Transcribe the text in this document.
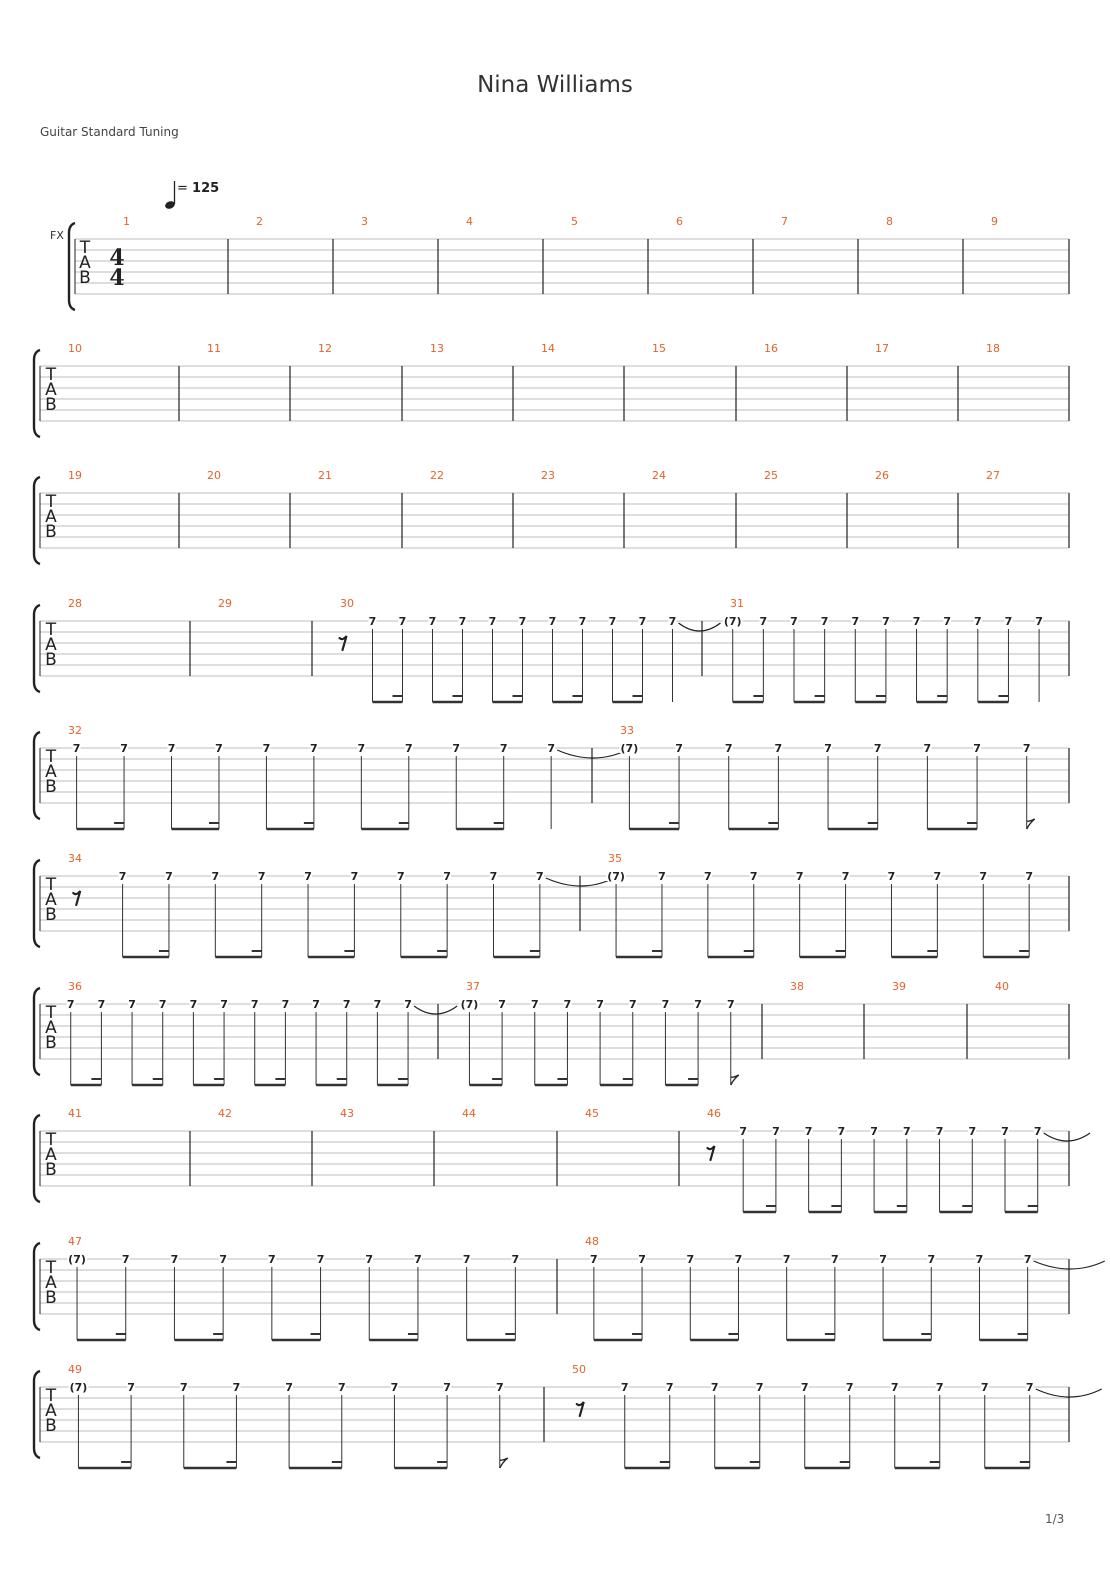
Nina Williams
Guitar Standard Tuning
= 125
FX
T
A
B
4
4
1	2	3	4	5	6	7	8	9
T
A
B
10	11	12	13	14	15	16	17	18
T
A
B
19	20	21	22	23	24	25	26	27
T
A
B
28	29	30
7 7 7 7 7 7 7 7 7 7 7
31
(7) 7 7 7 7 7 7 7 7 7 7
T
A
B
32
7	7	7	7	7	7	7	7	7	7	7
33
(7)	7	7	7	7	7	7	7	7
T
A
B
34
7	7	7	7	7	7	7	7	7	7
35
(7)	7	7	7	7	7	7	7	7	7
T
A
B
36
7 7 7 7 7 7 7 7 7 7 7 7
37
(7) 7 7 7 7 7 7 7 7
38	39	40
T
A
B
41	42	43	44	45	46
7 7 7 7 7 7 7 7 7 7
T
A
B
47
(7)	7	7	7	7	7	7	7	7	7
48
7	7	7	7	7	7	7	7	7	7
T
A
B
49
(7)	7	7	7	7	7	7	7	7
50
7	7	7	7	7	7	7	7	7	7
1/3
